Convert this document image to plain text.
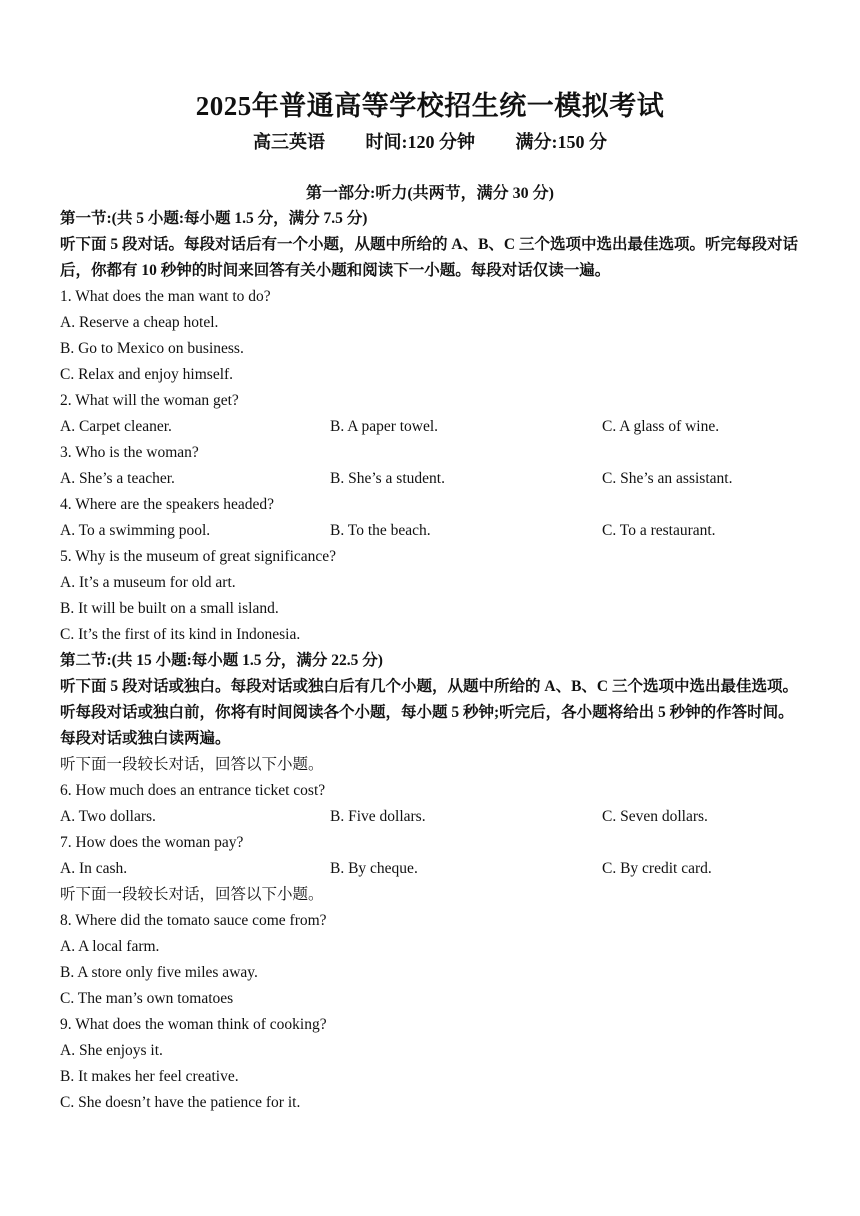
2025年普通高等学校招生统一模拟考试
高三英语 时间:120 分钟 满分:150 分
第一部分:听力(共两节，满分 30 分)
第一节:(共 5 小题:每小题 1.5 分，满分 7.5 分)
听下面 5 段对话。每段对话后有一个小题，从题中所给的 A、B、C 三个选项中选出最佳选项。听完每段对话后，你都有 10 秒钟的时间来回答有关小题和阅读下一小题。每段对话仅读一遍。
1. What does the man want to do?
A. Reserve a cheap hotel.
B. Go to Mexico on business.
C. Relax and enjoy himself.
2. What will the woman get?
A. Carpet cleaner.	B. A paper towel.	C. A glass of wine.
3. Who is the woman?
A. She’s a teacher.	B. She’s a student.	C. She’s an assistant.
4. Where are the speakers headed?
A. To a swimming pool.	B. To the beach.	C. To a restaurant.
5. Why is the museum of great significance?
A. It’s a museum for old art.
B. It will be built on a small island.
C. It’s the first of its kind in Indonesia.
第二节:(共 15 小题:每小题 1.5 分，满分 22.5 分)
听下面 5 段对话或独白。每段对话或独白后有几个小题，从题中所给的 A、B、C 三个选项中选出最佳选项。听每段对话或独白前，你将有时间阅读各个小题，每小题 5 秒钟;听完后，各小题将给出 5 秒钟的作答时间。每段对话或独白读两遍。
听下面一段较长对话，回答以下小题。
6. How much does an entrance ticket cost?
A. Two dollars.	B. Five dollars.	C. Seven dollars.
7. How does the woman pay?
A. In cash.	B. By cheque.	C. By credit card.
听下面一段较长对话，回答以下小题。
8. Where did the tomato sauce come from?
A. A local farm.
B. A store only five miles away.
C. The man’s own tomatoes
9. What does the woman think of cooking?
A. She enjoys it.
B. It makes her feel creative.
C. She doesn’t have the patience for it.
